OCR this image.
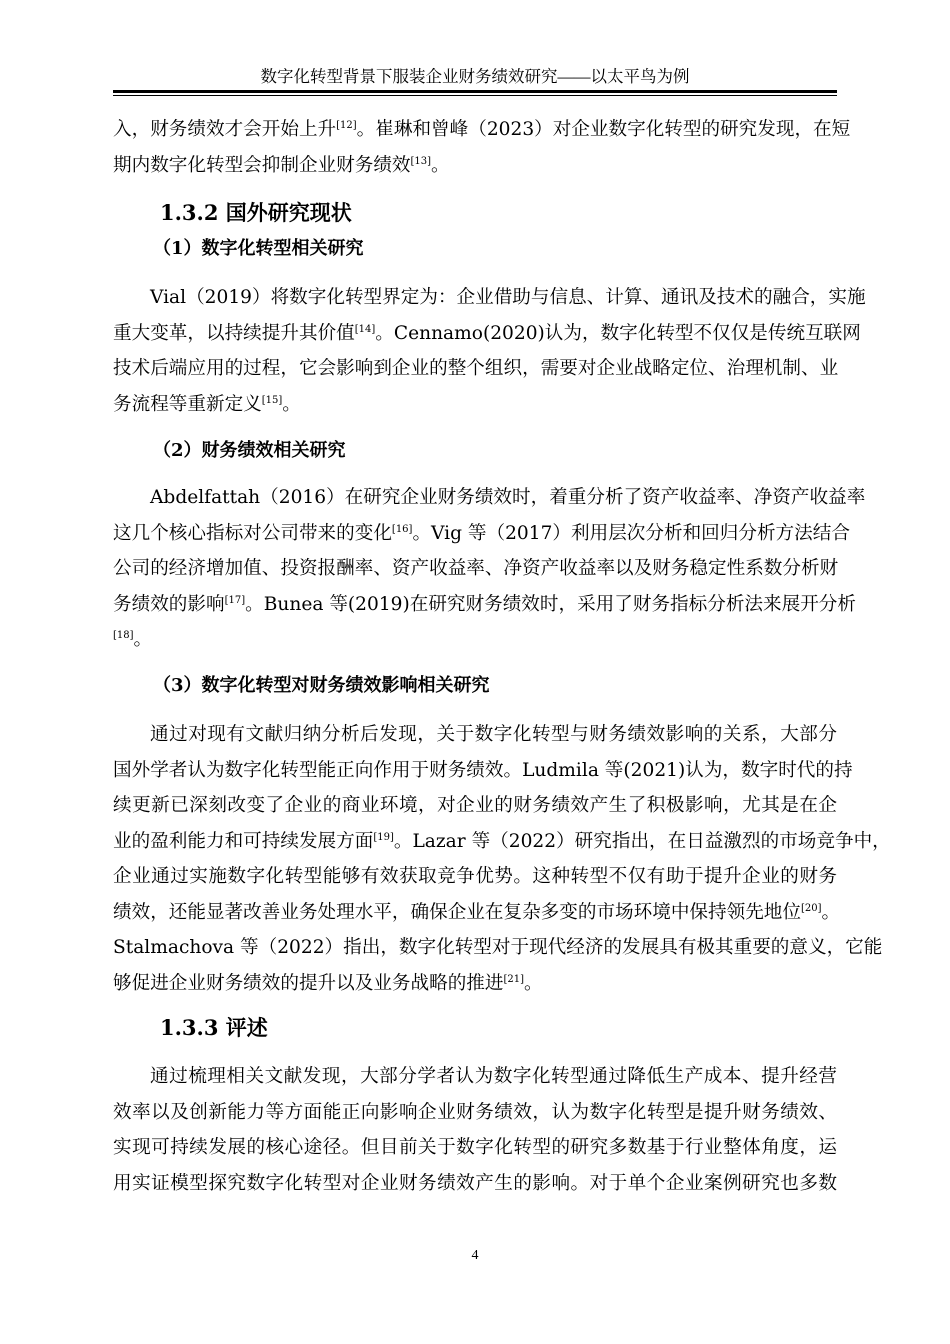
数字化转型背景下服装企业财务绩效研究——以太平鸟为例
入，财务绩效才会开始上升[12]。崔琳和曾峰（2023）对企业数字化转型的研究发现，在短
期内数字化转型会抑制企业财务绩效[13]。
1.3.2 国外研究现状
（1）数字化转型相关研究
Vial（2019）将数字化转型界定为：企业借助与信息、计算、通讯及技术的融合，实施
重大变革，以持续提升其价值[14]。Cennamo(2020)认为，数字化转型不仅仅是传统互联网
技术后端应用的过程，它会影响到企业的整个组织，需要对企业战略定位、治理机制、业
务流程等重新定义[15]。
（2）财务绩效相关研究
Abdelfattah（2016）在研究企业财务绩效时，着重分析了资产收益率、净资产收益率
这几个核心指标对公司带来的变化[16]。Vig 等（2017）利用层次分析和回归分析方法结合
公司的经济增加值、投资报酬率、资产收益率、净资产收益率以及财务稳定性系数分析财
务绩效的影响[17]。Bunea 等(2019)在研究财务绩效时，采用了财务指标分析法来展开分析
[18]。
（3）数字化转型对财务绩效影响相关研究
通过对现有文献归纳分析后发现，关于数字化转型与财务绩效影响的关系，大部分
国外学者认为数字化转型能正向作用于财务绩效。Ludmila 等(2021)认为，数字时代的持
续更新已深刻改变了企业的商业环境，对企业的财务绩效产生了积极影响，尤其是在企
业的盈利能力和可持续发展方面[19]。Lazar 等（2022）研究指出，在日益激烈的市场竞争中，
企业通过实施数字化转型能够有效获取竞争优势。这种转型不仅有助于提升企业的财务
绩效，还能显著改善业务处理水平，确保企业在复杂多变的市场环境中保持领先地位[20]。
Stalmachova 等（2022）指出，数字化转型对于现代经济的发展具有极其重要的意义，它能
够促进企业财务绩效的提升以及业务战略的推进[21]。
1.3.3 评述
通过梳理相关文献发现，大部分学者认为数字化转型通过降低生产成本、提升经营
效率以及创新能力等方面能正向影响企业财务绩效，认为数字化转型是提升财务绩效、
实现可持续发展的核心途径。但目前关于数字化转型的研究多数基于行业整体角度，运
用实证模型探究数字化转型对企业财务绩效产生的影响。对于单个企业案例研究也多数
4
